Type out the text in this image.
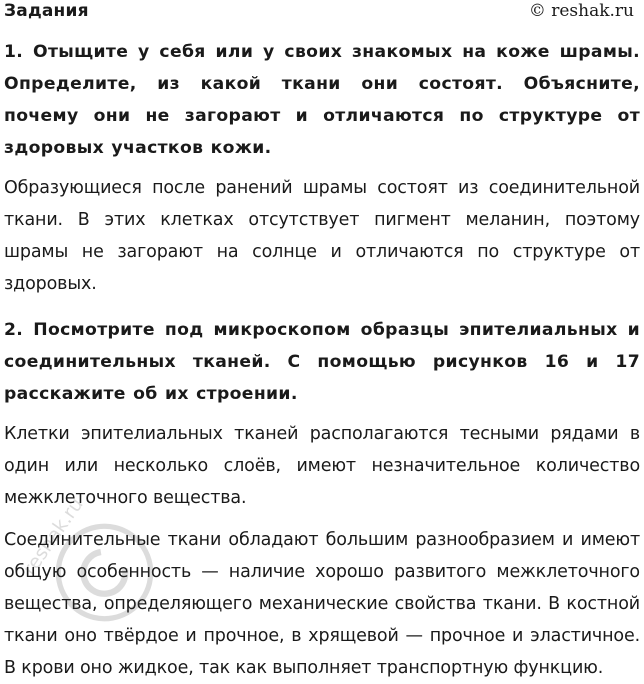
Задания	© reshak.ru
1. Отыщите у себя или у своих знакомых на коже шрамы. Определите, из какой ткани они состоят. Объясните, почему они не загорают и отличаются по структуре от здоровых участков кожи.
Образующиеся после ранений шрамы состоят из соединительной ткани. В этих клетках отсутствует пигмент меланин, поэтому шрамы не загорают на солнце и отличаются по структуре от здоровых.
2. Посмотрите под микроскопом образцы эпителиальных и соединительных тканей. С помощью рисунков 16 и 17 расскажите об их строении.
Клетки эпителиальных тканей располагаются тесными рядами в один или несколько слоёв, имеют незначительное количество межклеточного вещества.
Соединительные ткани обладают большим разнообразием и имеют общую особенность — наличие хорошо развитого межклеточного вещества, определяющего механические свойства ткани. В костной ткани оно твёрдое и прочное, в хрящевой — прочное и эластичное. В крови оно жидкое, так как выполняет транспортную функцию.
resnak.ru
